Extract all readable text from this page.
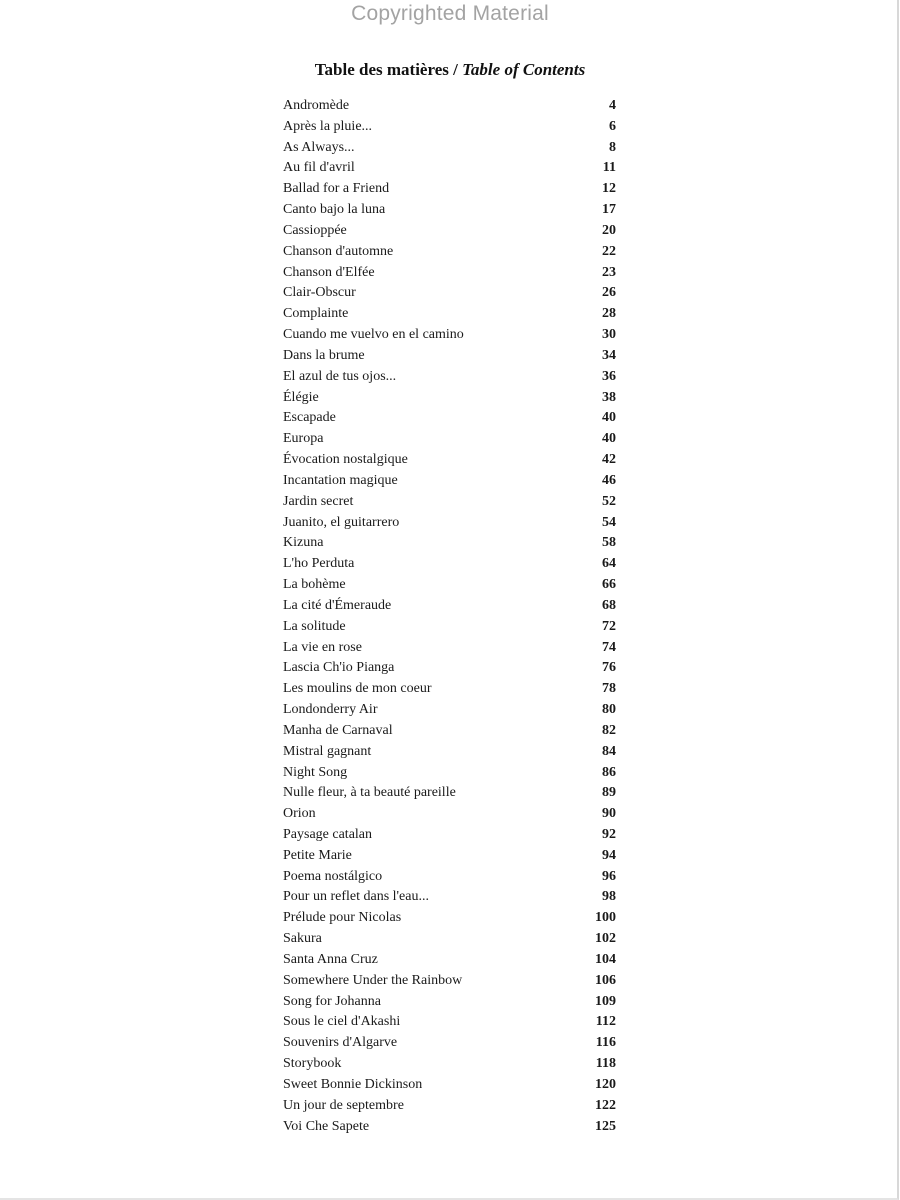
Copyrighted Material
Table des matières / Table of Contents
Andromède	4
Après la pluie...	6
As Always...	8
Au fil d'avril	11
Ballad for a Friend	12
Canto bajo la luna	17
Cassioppée	20
Chanson d'automne	22
Chanson d'Elfée	23
Clair-Obscur	26
Complainte	28
Cuando me vuelvo en el camino	30
Dans la brume	34
El azul de tus ojos...	36
Élégie	38
Escapade	40
Europa	40
Évocation nostalgique	42
Incantation magique	46
Jardin secret	52
Juanito, el guitarrero	54
Kizuna	58
L'ho Perduta	64
La bohème	66
La cité d'Émeraude	68
La solitude	72
La vie en rose	74
Lascia Ch'io Pianga	76
Les moulins de mon coeur	78
Londonderry Air	80
Manha de Carnaval	82
Mistral gagnant	84
Night Song	86
Nulle fleur, à ta beauté pareille	89
Orion	90
Paysage catalan	92
Petite Marie	94
Poema nostálgico	96
Pour un reflet dans l'eau...	98
Prélude pour Nicolas	100
Sakura	102
Santa Anna Cruz	104
Somewhere Under the Rainbow	106
Song for Johanna	109
Sous le ciel d'Akashi	112
Souvenirs d'Algarve	116
Storybook	118
Sweet Bonnie Dickinson	120
Un jour de septembre	122
Voi Che Sapete	125
